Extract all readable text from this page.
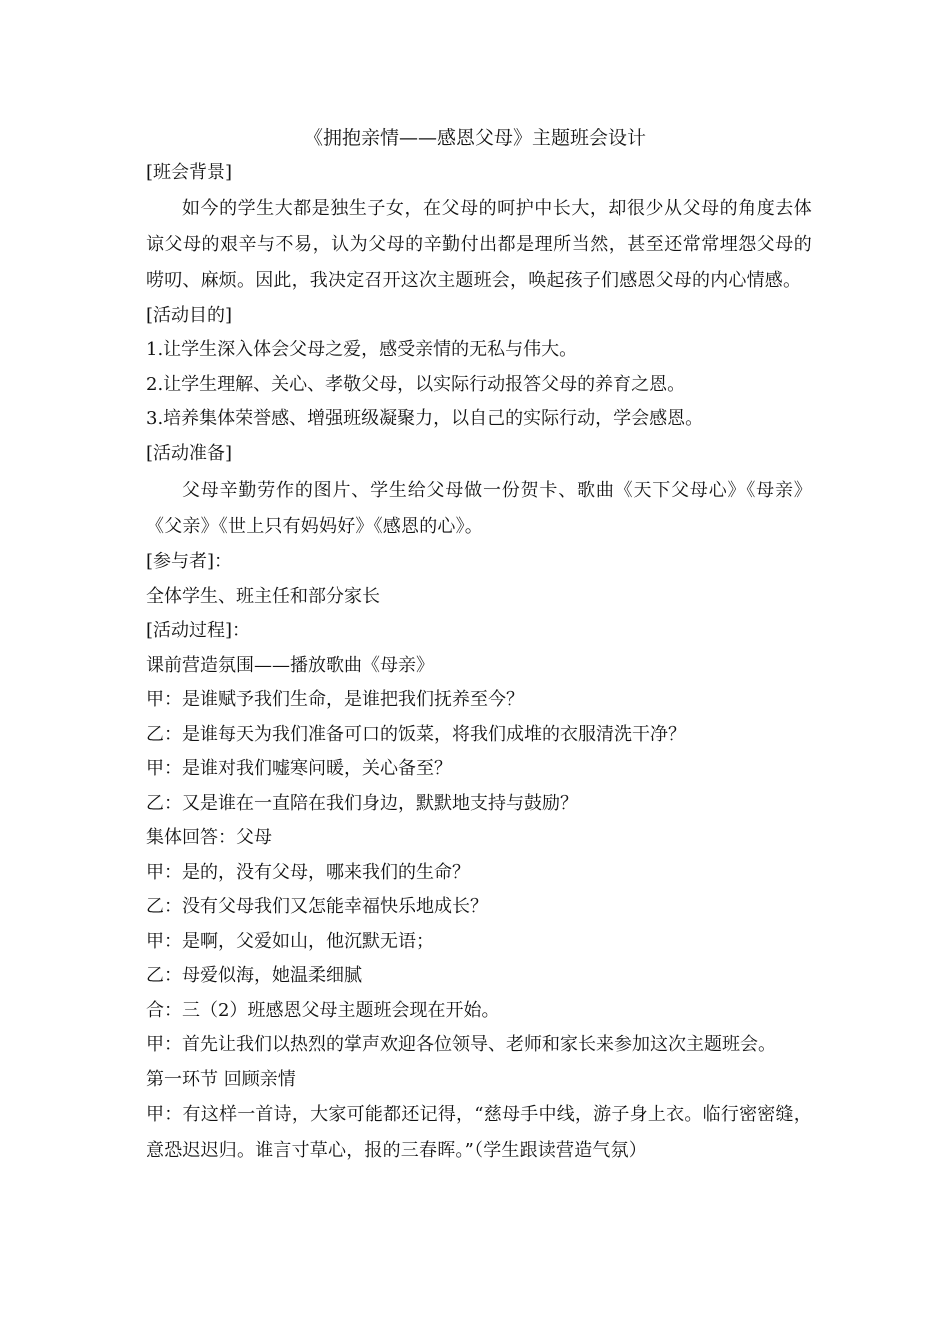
《拥抱亲情——感恩父母》主题班会设计
[班会背景]

如今的学生大都是独生子女，在父母的呵护中长大，却很少从父母的角度去体谅父母的艰辛与不易，认为父母的辛勤付出都是理所当然，甚至还常常埋怨父母的唠叨、麻烦。因此，我决定召开这次主题班会，唤起孩子们感恩父母的内心情感。

[活动目的]
1.让学生深入体会父母之爱，感受亲情的无私与伟大。
2.让学生理解、关心、孝敬父母，以实际行动报答父母的养育之恩。
3.培养集体荣誉感、增强班级凝聚力，以自己的实际行动，学会感恩。
[活动准备]

父母辛勤劳作的图片、学生给父母做一份贺卡、歌曲《天下父母心》《母亲》《父亲》《世上只有妈妈好》《感恩的心》。

[参与者]：
全体学生、班主任和部分家长
[活动过程]：
课前营造氛围——播放歌曲《母亲》
甲：是谁赋予我们生命，是谁把我们抚养至今？
乙：是谁每天为我们准备可口的饭菜，将我们成堆的衣服清洗干净？
甲：是谁对我们嘘寒问暖，关心备至？
乙：又是谁在一直陪在我们身边，默默地支持与鼓励？
集体回答：父母
甲：是的，没有父母，哪来我们的生命？
乙：没有父母我们又怎能幸福快乐地成长？
甲：是啊，父爱如山，他沉默无语；
乙：母爱似海，她温柔细腻
合：三（2）班感恩父母主题班会现在开始。
甲：首先让我们以热烈的掌声欢迎各位领导、老师和家长来参加这次主题班会。
第一环节 回顾亲情

甲：有这样一首诗，大家可能都还记得，“慈母手中线，游子身上衣。临行密密缝，意恐迟迟归。谁言寸草心，报的三春晖。”（学生跟读营造气氛）
